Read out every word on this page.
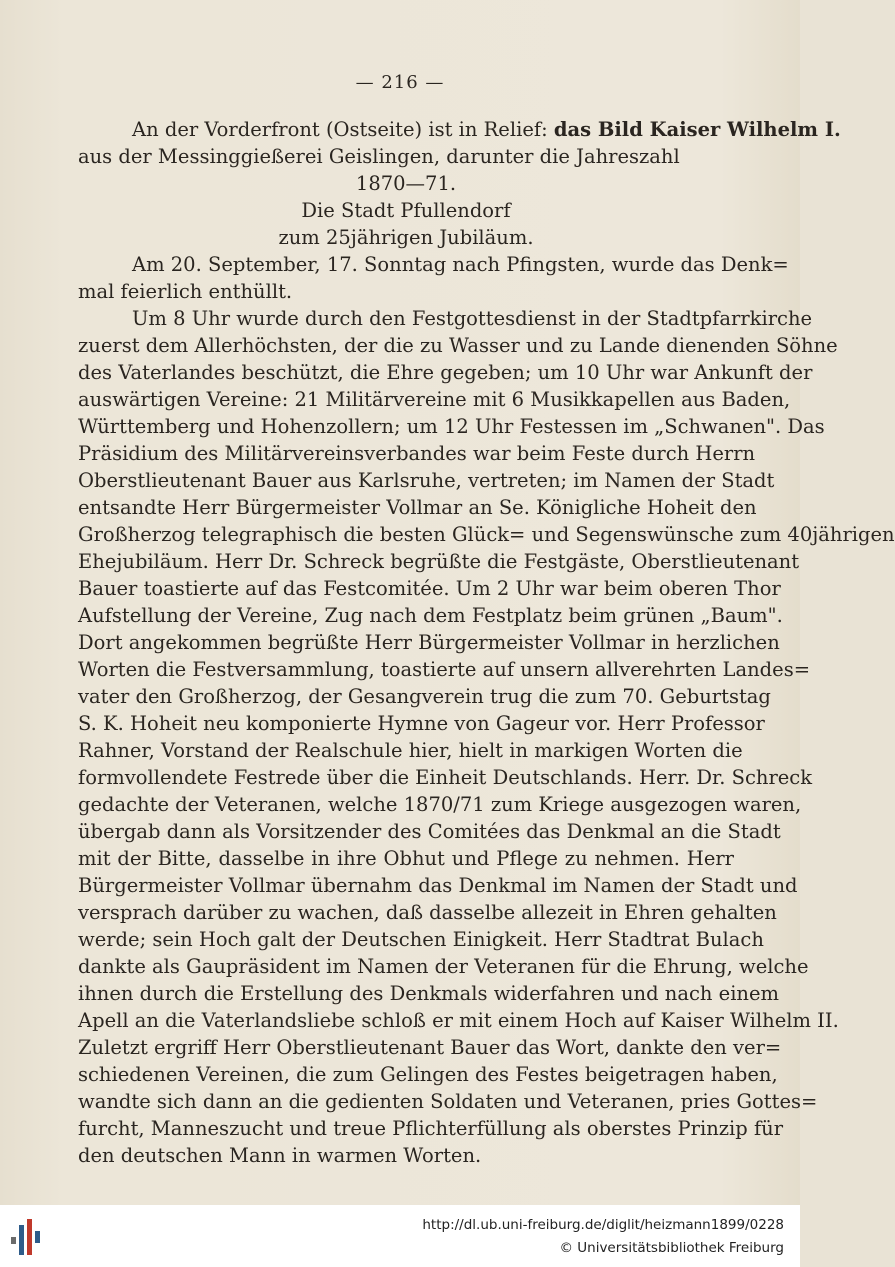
— 216 —
An der Vorderfront (Ostseite) ist in Relief: das Bild Kaiser Wilhelm I.
aus der Messinggießerei Geislingen, darunter die Jahreszahl
1870—71.
Die Stadt Pfullendorf
zum 25jährigen Jubiläum.
Am 20. September, 17. Sonntag nach Pfingsten, wurde das Denk=
mal feierlich enthüllt.
Um 8 Uhr wurde durch den Festgottesdienst in der Stadtpfarrkirche
zuerst dem Allerhöchsten, der die zu Wasser und zu Lande dienenden Söhne
des Vaterlandes beschützt, die Ehre gegeben; um 10 Uhr war Ankunft der
auswärtigen Vereine: 21 Militärvereine mit 6 Musikkapellen aus Baden,
Württemberg und Hohenzollern; um 12 Uhr Festessen im „Schwanen". Das
Präsidium des Militärvereinsverbandes war beim Feste durch Herrn
Oberstlieutenant Bauer aus Karlsruhe, vertreten; im Namen der Stadt
entsandte Herr Bürgermeister Vollmar an Se. Königliche Hoheit den
Großherzog telegraphisch die besten Glück= und Segenswünsche zum 40jährigen
Ehejubiläum. Herr Dr. Schreck begrüßte die Festgäste, Oberstlieutenant
Bauer toastierte auf das Festcomitée. Um 2 Uhr war beim oberen Thor
Aufstellung der Vereine, Zug nach dem Festplatz beim grünen „Baum".
Dort angekommen begrüßte Herr Bürgermeister Vollmar in herzlichen
Worten die Festversammlung, toastierte auf unsern allverehrten Landes=
vater den Großherzog, der Gesangverein trug die zum 70. Geburtstag
S. K. Hoheit neu komponierte Hymne von Gageur vor. Herr Professor
Rahner, Vorstand der Realschule hier, hielt in markigen Worten die
formvollendete Festrede über die Einheit Deutschlands. Herr. Dr. Schreck
gedachte der Veteranen, welche 1870/71 zum Kriege ausgezogen waren,
übergab dann als Vorsitzender des Comitées das Denkmal an die Stadt
mit der Bitte, dasselbe in ihre Obhut und Pflege zu nehmen. Herr
Bürgermeister Vollmar übernahm das Denkmal im Namen der Stadt und
versprach darüber zu wachen, daß dasselbe allezeit in Ehren gehalten
werde; sein Hoch galt der Deutschen Einigkeit. Herr Stadtrat Bulach
dankte als Gaupräsident im Namen der Veteranen für die Ehrung, welche
ihnen durch die Erstellung des Denkmals widerfahren und nach einem
Apell an die Vaterlandsliebe schloß er mit einem Hoch auf Kaiser Wilhelm II.
Zuletzt ergriff Herr Oberstlieutenant Bauer das Wort, dankte den ver=
schiedenen Vereinen, die zum Gelingen des Festes beigetragen haben,
wandte sich dann an die gedienten Soldaten und Veteranen, pries Gottes=
furcht, Manneszucht und treue Pflichterfüllung als oberstes Prinzip für
den deutschen Mann in warmen Worten.
http://dl.ub.uni-freiburg.de/diglit/heizmann1899/0228
© Universitätsbibliothek Freiburg
